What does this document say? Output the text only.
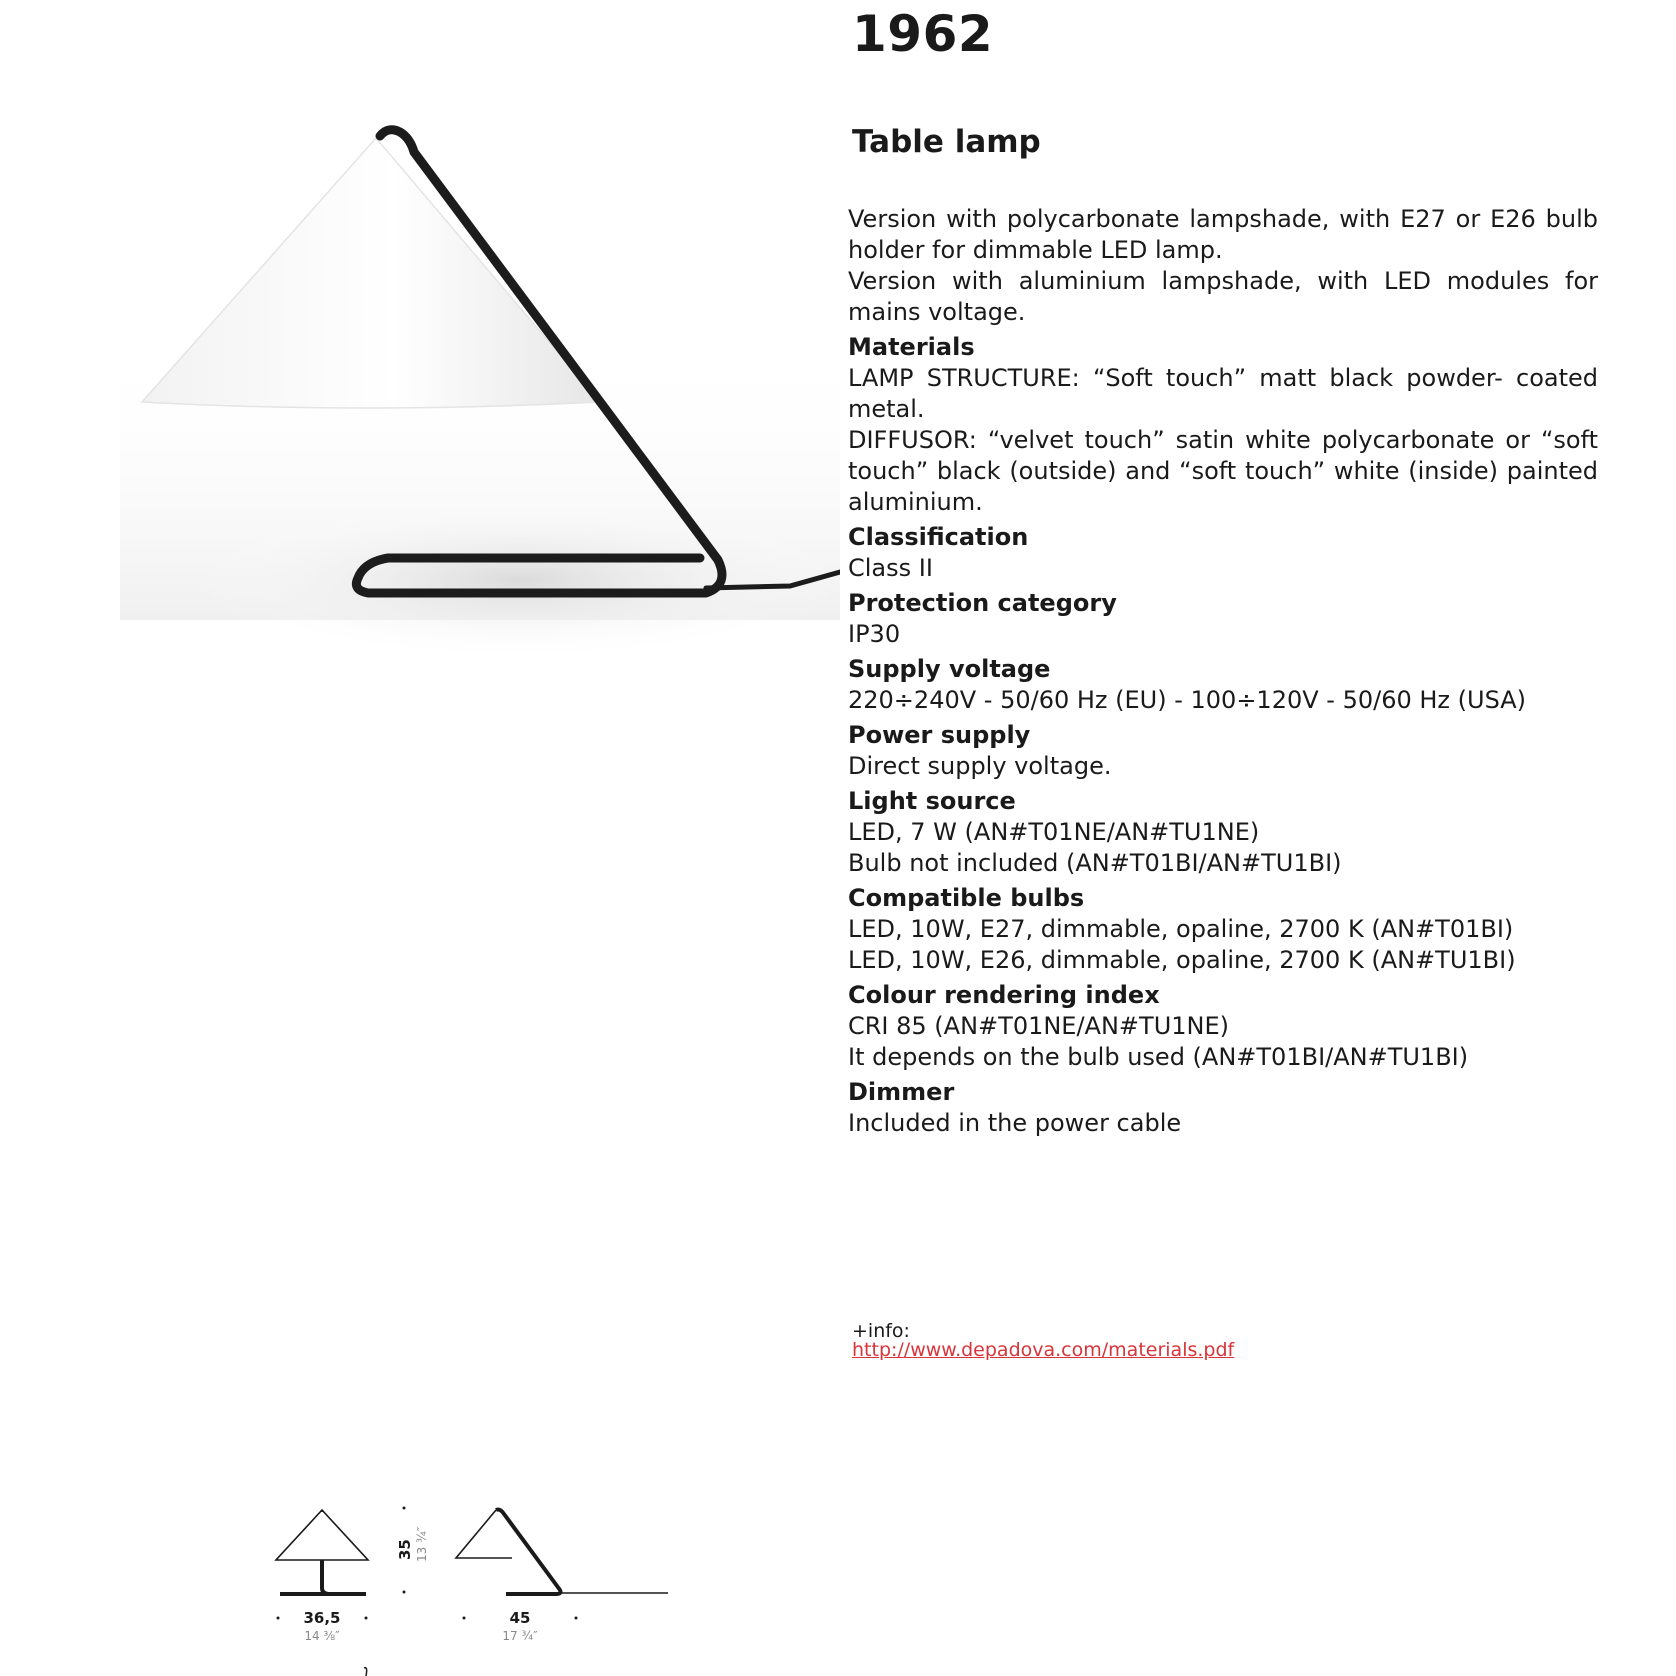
1962
Table lamp

Version with polycarbonate lampshade, with E27 or E26 bulb holder for dimmable LED lamp.

Version with aluminium lampshade, with LED modules for mains voltage.

Materials

LAMP STRUCTURE: “Soft touch” matt black powder- coated metal.

DIFFUSOR: “velvet touch” satin white polycarbonate or “soft touch” black (outside) and “soft touch” white (inside) painted aluminium.

Classification
Class II
Protection category
IP30
Supply voltage
220÷240V - 50/60 Hz (EU) - 100÷120V - 50/60 Hz (USA)
Power supply
Direct supply voltage.
Light source
LED, 7 W (AN#T01NE/AN#TU1NE)
Bulb not included (AN#T01BI/AN#TU1BI)
Compatible bulbs
LED, 10W, E27, dimmable, opaline, 2700 K (AN#T01BI)
LED, 10W, E26, dimmable, opaline, 2700 K (AN#TU1BI)
Colour rendering index
CRI 85 (AN#T01NE/AN#TU1NE)
It depends on the bulb used (AN#T01BI/AN#TU1BI)
Dimmer
Included in the power cable
+info:
http://www.depadova.com/materials.pdf
35 13 ¾″
36,5
14 ⅜″
45
17 ¾″
